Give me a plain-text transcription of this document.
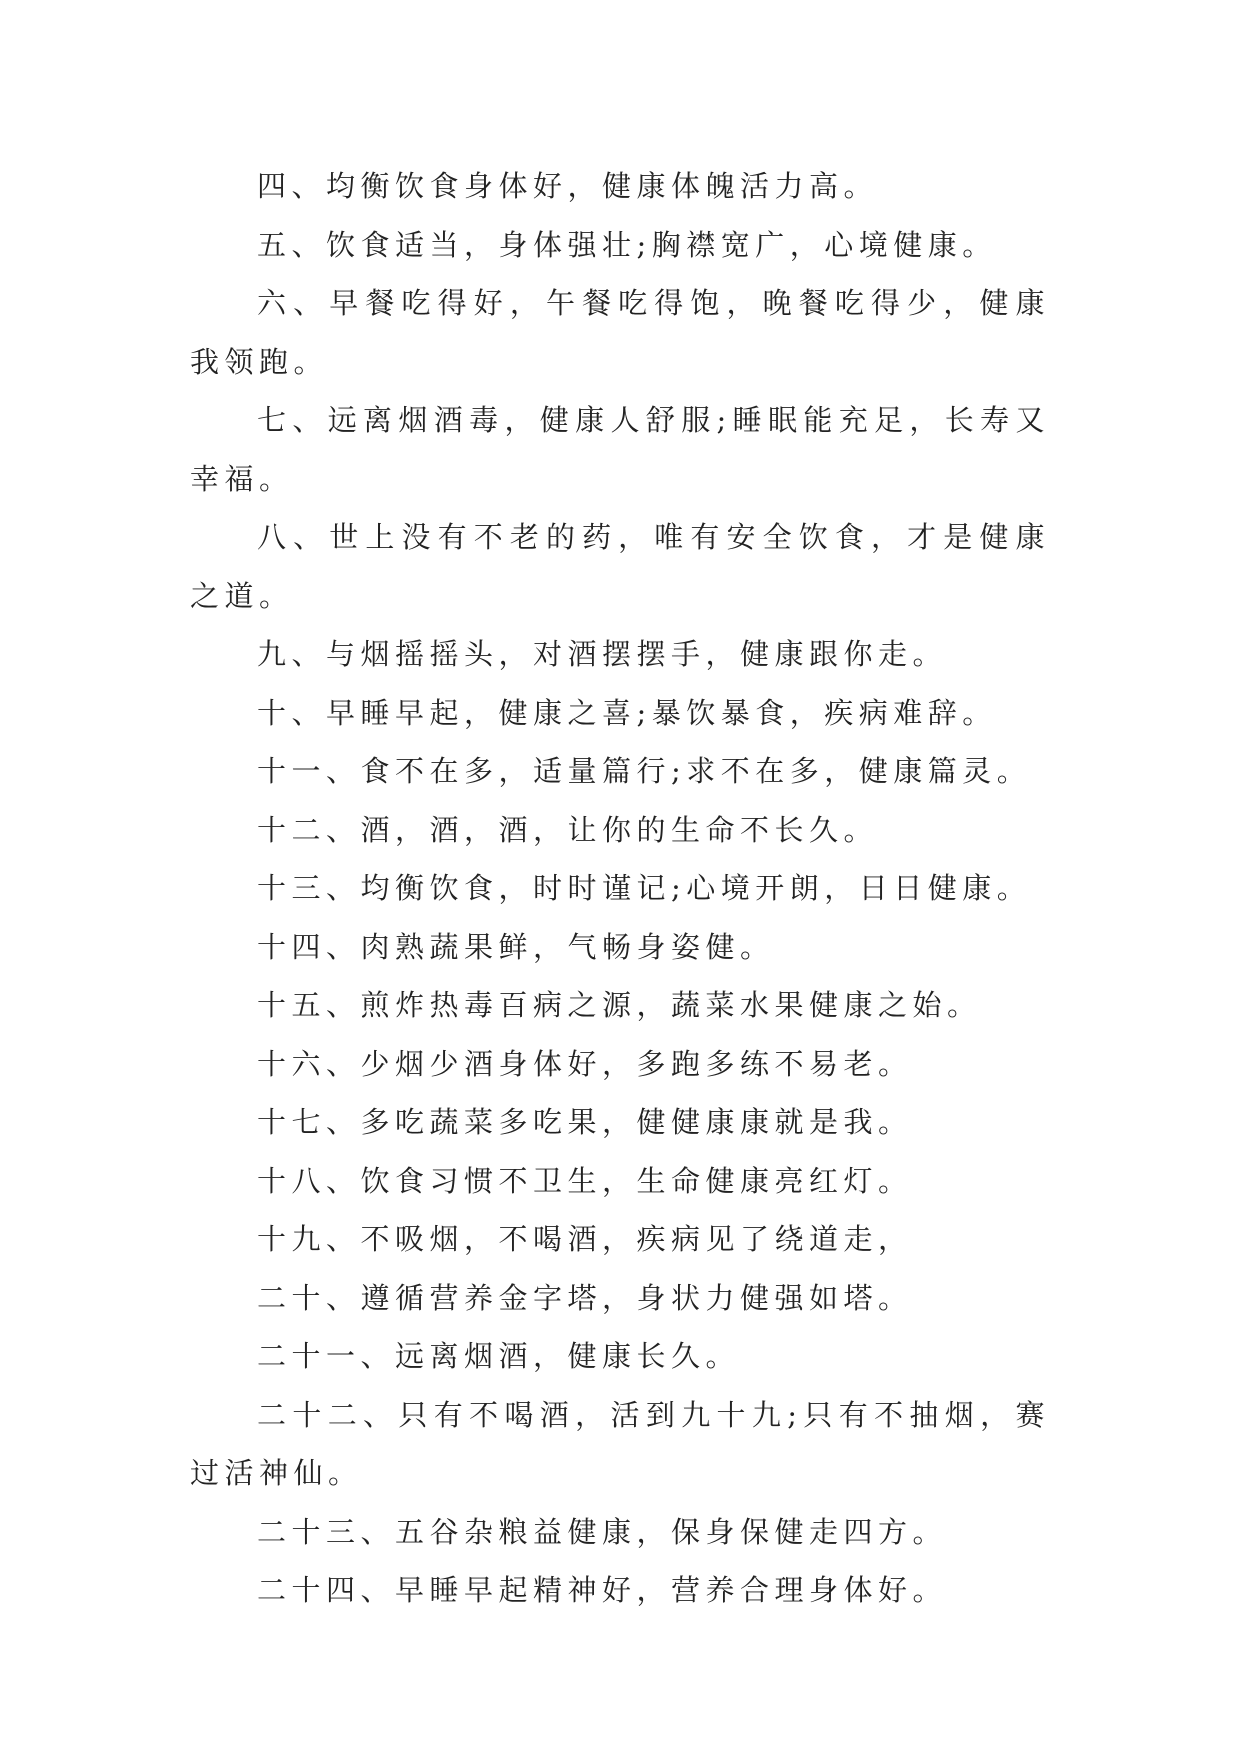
四、均衡饮食身体好，健康体魄活力高。

五、饮食适当，身体强壮;胸襟宽广，心境健康。

六、早餐吃得好，午餐吃得饱，晚餐吃得少，健康我领跑。

七、远离烟酒毒，健康人舒服;睡眠能充足，长寿又幸福。

八、世上没有不老的药，唯有安全饮食，才是健康之道。

九、与烟摇摇头，对酒摆摆手，健康跟你走。

十、早睡早起，健康之喜;暴饮暴食，疾病难辞。

十一、食不在多，适量篇行;求不在多，健康篇灵。

十二、酒，酒，酒，让你的生命不长久。

十三、均衡饮食，时时谨记;心境开朗，日日健康。

十四、肉熟蔬果鲜，气畅身姿健。

十五、煎炸热毒百病之源，蔬菜水果健康之始。

十六、少烟少酒身体好，多跑多练不易老。

十七、多吃蔬菜多吃果，健健康康就是我。

十八、饮食习惯不卫生，生命健康亮红灯。

十九、不吸烟，不喝酒，疾病见了绕道走，

二十、遵循营养金字塔，身状力健强如塔。

二十一、远离烟酒，健康长久。

二十二、只有不喝酒，活到九十九;只有不抽烟，赛过活神仙。

二十三、五谷杂粮益健康，保身保健走四方。

二十四、早睡早起精神好，营养合理身体好。
